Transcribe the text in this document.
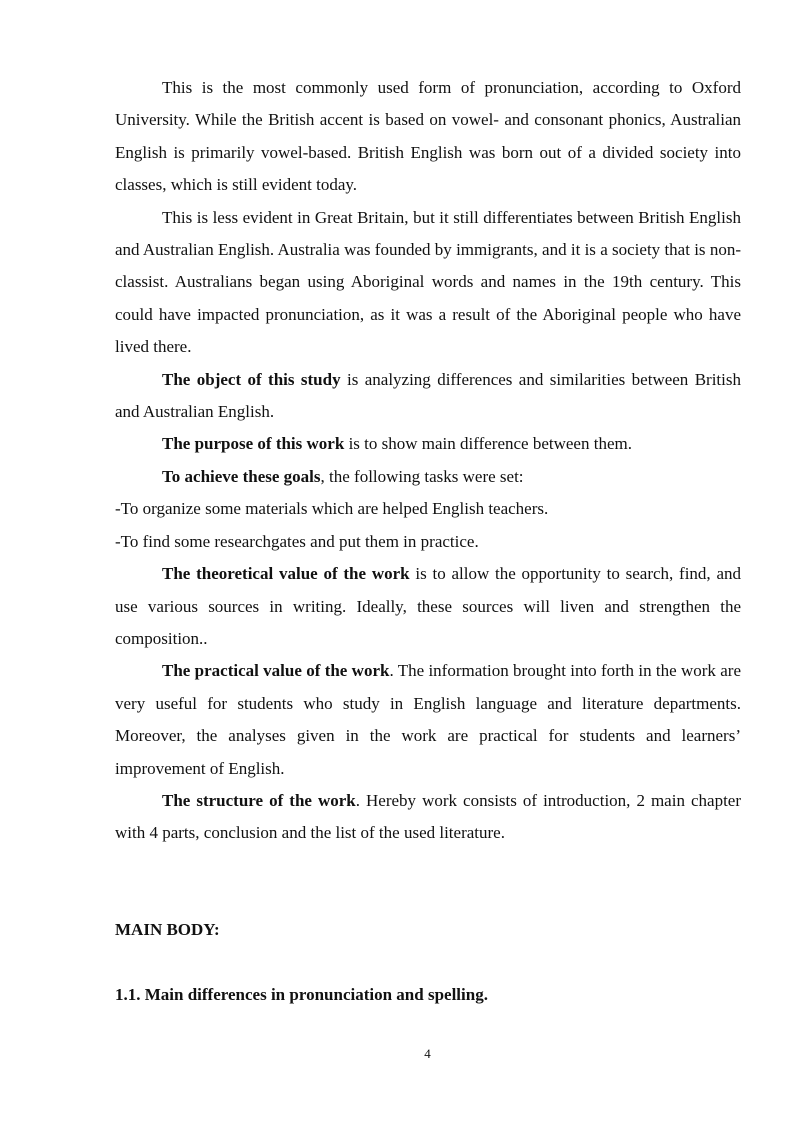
This is the most commonly used form of pronunciation, according to Oxford University. While the British accent is based on vowel- and consonant phonics, Australian English is primarily vowel-based. British English was born out of a divided society into classes, which is still evident today.

This is less evident in Great Britain, but it still differentiates between British English and Australian English. Australia was founded by immigrants, and it is a society that is non-classist. Australians began using Aboriginal words and names in the 19th century. This could have impacted pronunciation, as it was a result of the Aboriginal people who have lived there.

The object of this study is analyzing differences and similarities between British and Australian English.

The purpose of this work is to show main difference between them.

To achieve these goals, the following tasks were set:

-To organize some materials which are helped English teachers.

-To find some researchgates and put them in practice.

The theoretical value of the work is to allow the opportunity to search, find, and use various sources in writing. Ideally, these sources will liven and strengthen the composition..

The practical value of the work. The information brought into forth in the work are very useful for students who study in English language and literature departments. Moreover, the analyses given in the work are practical for students and learners’ improvement of English.

The structure of the work. Hereby work consists of introduction, 2 main chapter with 4 parts, conclusion and the list of the used literature.

MAIN BODY:
1.1. Main differences in pronunciation and spelling.
4
